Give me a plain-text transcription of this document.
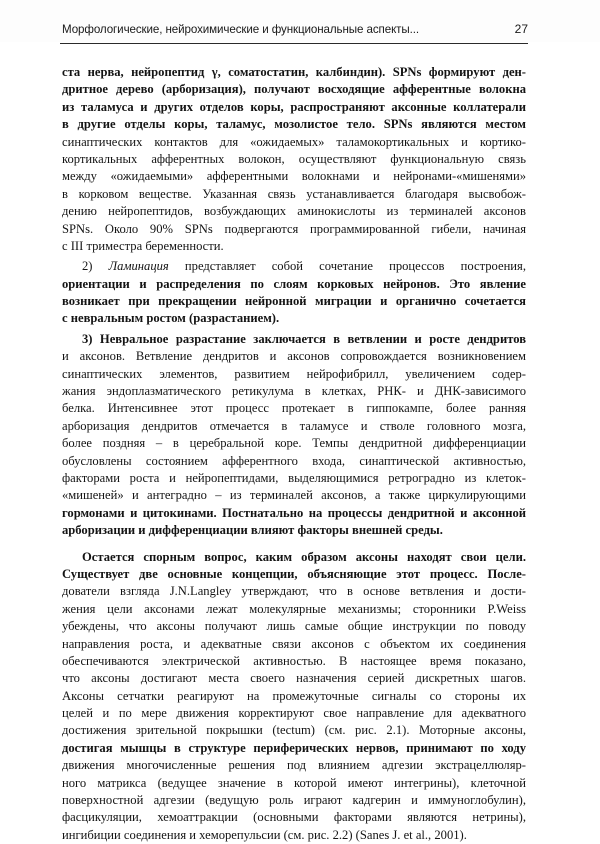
Морфологические, нейрохимические и функциональные аспекты...	27
ста нерва, нейропептид γ, соматостатин, калбиндин). SPNs формируют ден-
дритное дерево (арборизация), получают восходящие афферентные волокна
из таламуса и других отделов коры, распространяют аксонные коллатерали
в другие отделы коры, таламус, мозолистое тело. SPNs являются местом
синаптических контактов для «ожидаемых» таламокортикальных и кортико-
кортикальных афферентных волокон, осуществляют функциональную связь
между «ожидаемыми» афферентными волокнами и нейронами-«мишенями»
в корковом веществе. Указанная связь устанавливается благодаря высвобож-
дению нейропептидов, возбуждающих аминокислоты из терминалей аксонов
SPNs. Около 90% SPNs подвергаются программированной гибели, начиная
с III триместра беременности.
2) Ламинация представляет собой сочетание процессов построения,
ориентации и распределения по слоям корковых нейронов. Это явление
возникает при прекращении нейронной миграции и органично сочетается
с невральным ростом (разрастанием).
3) Невральное разрастание заключается в ветвлении и росте дендритов
и аксонов. Ветвление дендритов и аксонов сопровождается возникновением
синаптических элементов, развитием нейрофибрилл, увеличением содер-
жания эндоплазматического ретикулума в клетках, РНК- и ДНК-зависимого
белка. Интенсивнее этот процесс протекает в гиппокампе, более ранняя
арборизация дендритов отмечается в таламусе и стволе головного мозга,
более поздняя – в церебральной коре. Темпы дендритной дифференциации
обусловлены состоянием афферентного входа, синаптической активностью,
факторами роста и нейропептидами, выделяющимися ретроградно из клеток-
«мишеней» и антеградно – из терминалей аксонов, а также циркулирующими
гормонами и цитокинами. Постнатально на процессы дендритной и аксонной
арборизации и дифференциации влияют факторы внешней среды.
Остается спорным вопрос, каким образом аксоны находят свои цели.
Существует две основные концепции, объясняющие этот процесс. После-
дователи взгляда J.N.Langley утверждают, что в основе ветвления и дости-
жения цели аксонами лежат молекулярные механизмы; сторонники P.Weiss
убеждены, что аксоны получают лишь самые общие инструкции по поводу
направления роста, и адекватные связи аксонов с объектом их соединения
обеспечиваются электрической активностью. В настоящее время показано,
что аксоны достигают места своего назначения серией дискретных шагов.
Аксоны сетчатки реагируют на промежуточные сигналы со стороны их
целей и по мере движения корректируют свое направление для адекватного
достижения зрительной покрышки (tectum) (см. рис. 2.1). Моторные аксоны,
достигая мышцы в структуре периферических нервов, принимают по ходу
движения многочисленные решения под влиянием адгезии экстрацеллюляр-
ного матрикса (ведущее значение в которой имеют интегрины), клеточной
поверхностной адгезии (ведущую роль играют кадгерин и иммуноглобулин),
фасцикуляции, хемоаттракции (основными факторами являются нетрины),
ингибиции соединения и хеморепульсии (см. рис. 2.2) (Sanes J. et al., 2001).
